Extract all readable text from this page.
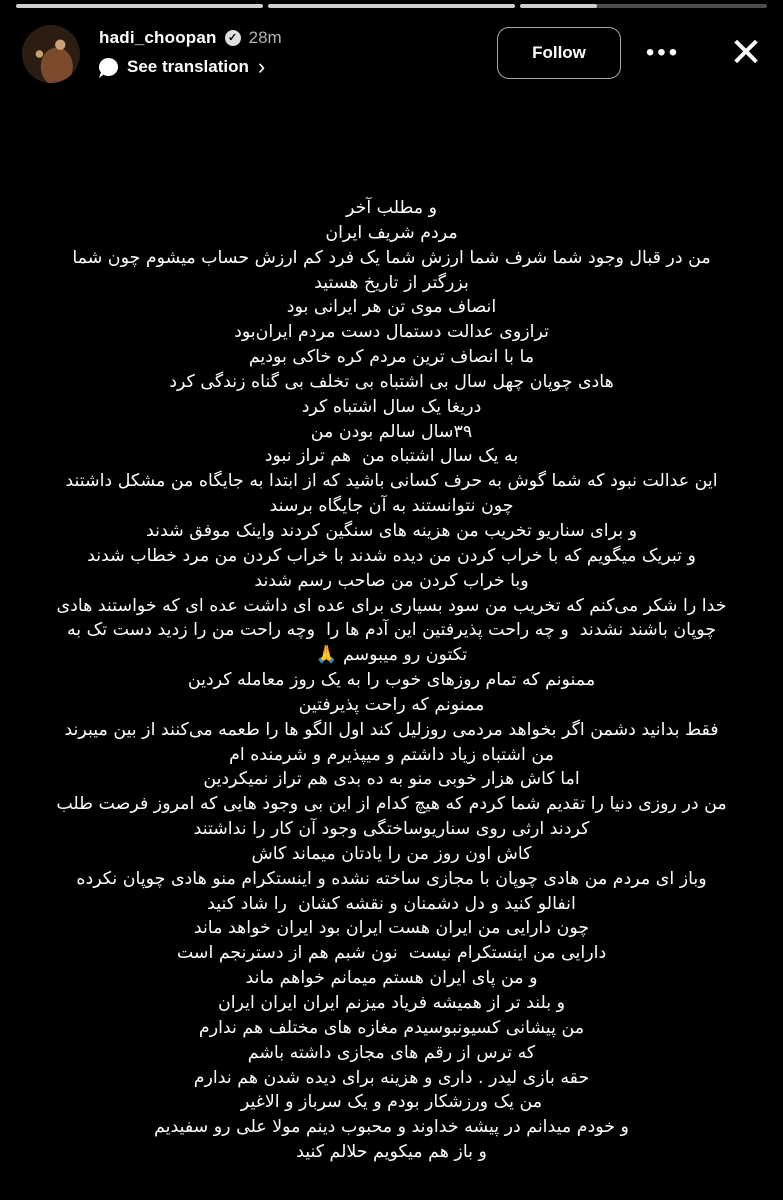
hadi_choopan	✓ 28m
See translation ›
Follow	••• ✕
و مطلب آخر
مردم شریف ایران
من در قبال وجود شما شرف شما ارزش شما یک فرد کم ارزش حساب میشوم چون شما
بزرگتر از تاریخ هستید
انصاف موی تن هر ایرانی بود
ترازوی عدالت دستمال دست مردم ایران‌بود
ما با انصاف ترین مردم کره خاکی بودیم
هادی چوپان چهل سال بی اشتباه بی تخلف بی گناه زندگی کرد
دریغا یک سال اشتباه کرد
۳۹سال سالم بودن من
به یک سال اشتباه من  هم تراز نبود
این عدالت نبود که شما گوش به حرف کسانی باشید که از ابتدا به جایگاه من مشکل داشتند
چون نتوانستند به آن جایگاه برسند
و برای سناریو تخریب من هزینه های سنگین کردند واینک موفق شدند
و تبریک میگویم که با خراب کردن من دیده شدند با خراب کردن من مرد خطاب شدند
وبا خراب کردن من صاحب رسم شدند
خدا را شکر می‌کنم که تخریب من سود بسیاری برای عده ای داشت عده ای که خواستند هادی
چوپان باشند نشدند  و چه راحت پذیرفتین این آدم ها را  وچه راحت من را زدید دست تک به
تکتون رو میبوسم 🙏
ممنونم که تمام روزهای خوب را به یک روز معامله کردین
ممنونم که راحت پذیرفتین
فقط بدانید دشمن اگر بخواهد مردمی روزلیل کند اول الگو ها را طعمه می‌کنند از بین میبرند
من اشتباه زیاد داشتم و میپذیرم و شرمنده ام
اما کاش هزار خوبی منو به ده بدی هم تراز نمیکردین
من در روزی دنیا را تقدیم شما کردم که هیچ کدام از این بی وجود هایی که امروز فرصت طلب
کردند ارثی روی سناریوساختگی وجود آن کار را نداشتند
کاش اون روز من را یادتان میماند کاش
وباز ای مردم من هادی چوپان با مجازی ساخته نشده و اینستکرام منو هادی چوپان نکرده
انفالو کنید و دل دشمنان و نقشه کشان  را شاد کنید
چون دارایی من ایران هست ایران بود ایران خواهد ماند
دارایی من اینستکرام نیست  نون شبم هم از دسترنجم است
و من پای ایران هستم میمانم خواهم ماند
و بلند تر از همیشه فریاد میزنم ایران ایران ایران
من پیشانی کسیونبوسیدم مغازه های مختلف هم ندارم
که ترس از رقم های مجازی داشته باشم
حقه بازی لیدر . داری و هزینه برای دیده شدن هم ندارم
من یک ورزشکار بودم و یک سرباز و الاغیر
و خودم میدانم در پیشه خداوند و محبوب دینم مولا علی رو سفیدیم
و باز هم میکویم حلالم کنید
